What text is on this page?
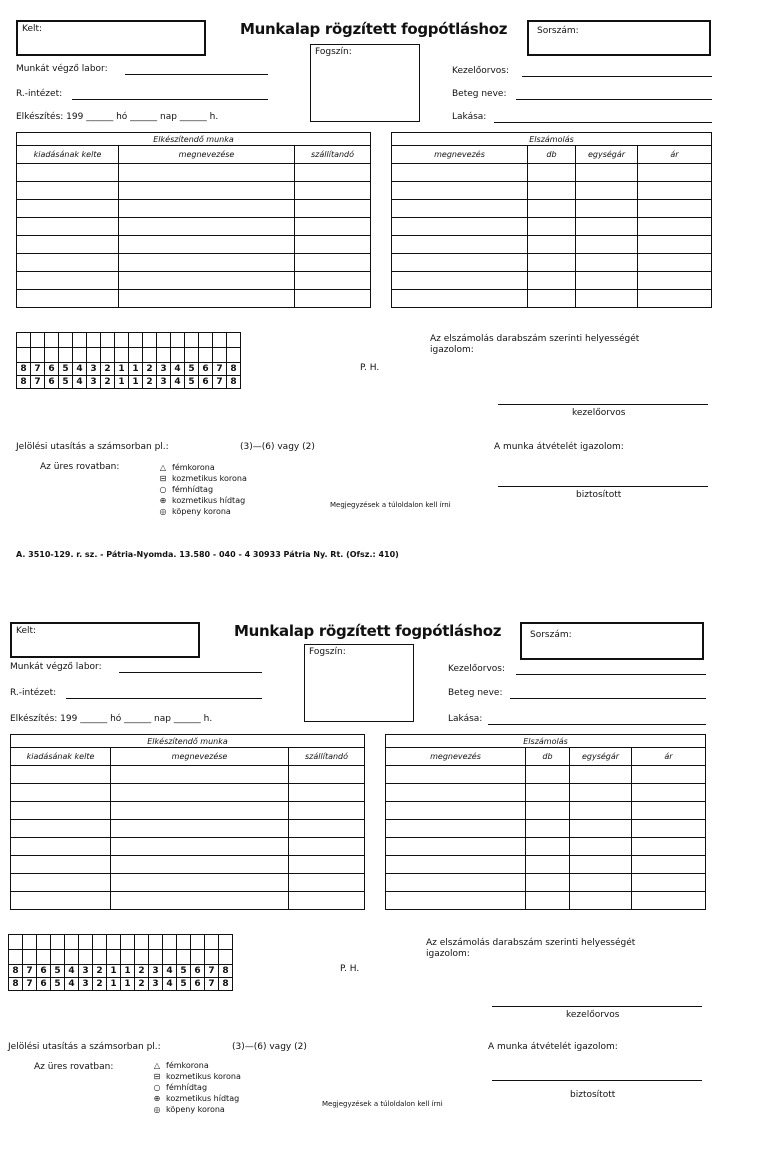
Kelt:	Munkalap rögzített fogpótláshoz	Sorszám:
Fogszín:
Munkát végző labor:
R.-intézet:
Elkészítés: 199 ______ hó ______ nap ______ h.
Kezelőorvos:
Beteg neve:
Lakása:
Elkészítendő munka		
kiadásának kelte	megnevezése	szállítandó

Elszámolás			
megnevezés	db	egységár	ár

8	7	6	5	4	3	2	1	1	2	3	4	5	6	7	8
8	7	6	5	4	3	2	1	1	2	3	4	5	6	7	8
P. H.
Az elszámolás darabszám szerinti helyességét igazolom:
kezelőorvos
Jelölési utasítás a számsorban pl.:	(3)—(6) vagy (2)	A munka átvételét igazolom:
Az üres rovatban:	△ fémkorona
⊟ kozmetikus korona
○ fémhídtag
⊕ kozmetikus hídtag
◎ köpeny korona
Megjegyzések a túloldalon kell írni
biztosított
A. 3510-129. r. sz. - Pátria-Nyomda. 13.580 - 040 - 4 30933 Pátria Ny. Rt. (Ofsz.: 410)
Kelt:	Munkalap rögzített fogpótláshoz	Sorszám:
Fogszín:
Munkát végző labor:
R.-intézet:
Elkészítés: 199 ______ hó ______ nap ______ h.
Kezelőorvos:
Beteg neve:
Lakása:
Elkészítendő munka		
kiadásának kelte	megnevezése	szállítandó

Elszámolás			
megnevezés	db	egységár	ár

8	7	6	5	4	3	2	1	1	2	3	4	5	6	7	8
8	7	6	5	4	3	2	1	1	2	3	4	5	6	7	8
P. H.
Az elszámolás darabszám szerinti helyességét igazolom:
kezelőorvos
Jelölési utasítás a számsorban pl.:	(3)—(6) vagy (2)	A munka átvételét igazolom:
Az üres rovatban:	△ fémkorona
⊟ kozmetikus korona
○ fémhídtag
⊕ kozmetikus hídtag
◎ köpeny korona
Megjegyzések a túloldalon kell írni
biztosított
